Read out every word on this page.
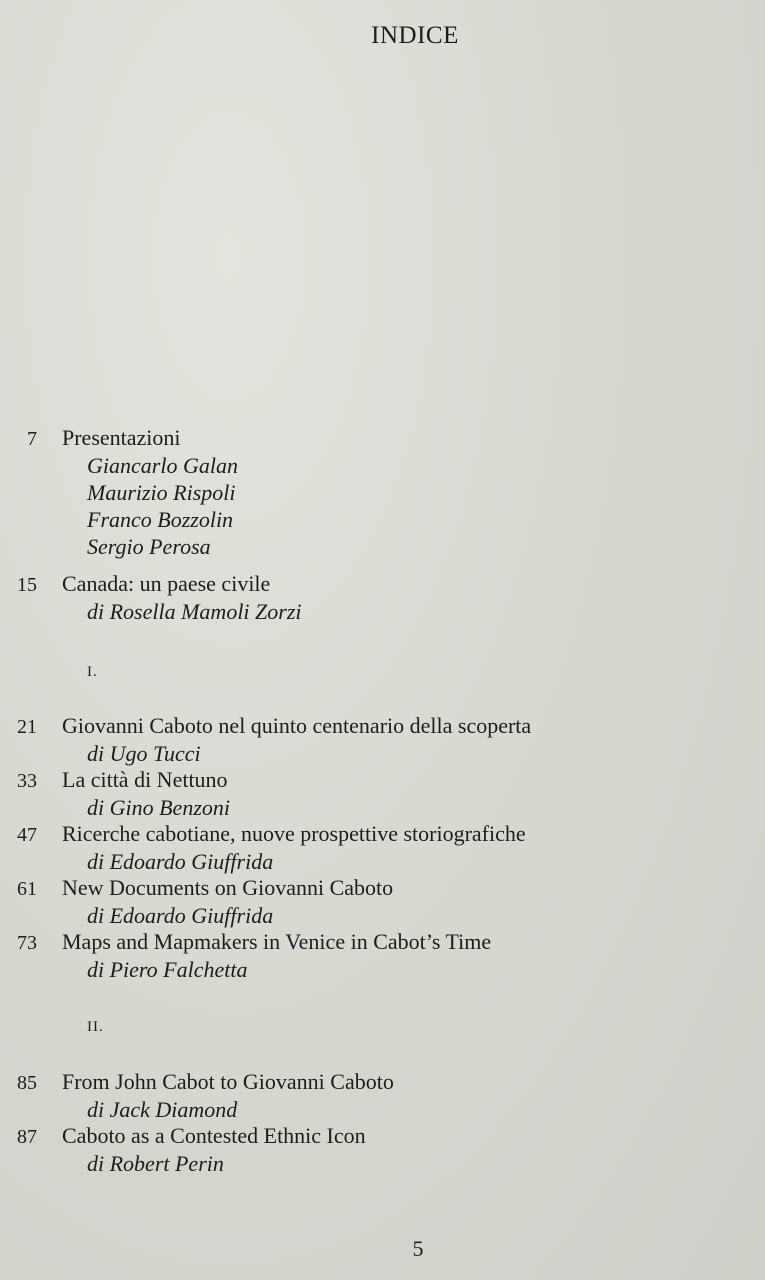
INDICE
7	Presentazioni
Giancarlo Galan
Maurizio Rispoli
Franco Bozzolin
Sergio Perosa
15	Canada: un paese civile
di Rosella Mamoli Zorzi
I.
21	Giovanni Caboto nel quinto centenario della scoperta
di Ugo Tucci
33	La città di Nettuno
di Gino Benzoni
47	Ricerche cabotiane, nuove prospettive storiografiche
di Edoardo Giuffrida
61	New Documents on Giovanni Caboto
di Edoardo Giuffrida
73	Maps and Mapmakers in Venice in Cabot’s Time
di Piero Falchetta
II.
85	From John Cabot to Giovanni Caboto
di Jack Diamond
87	Caboto as a Contested Ethnic Icon
di Robert Perin
5
